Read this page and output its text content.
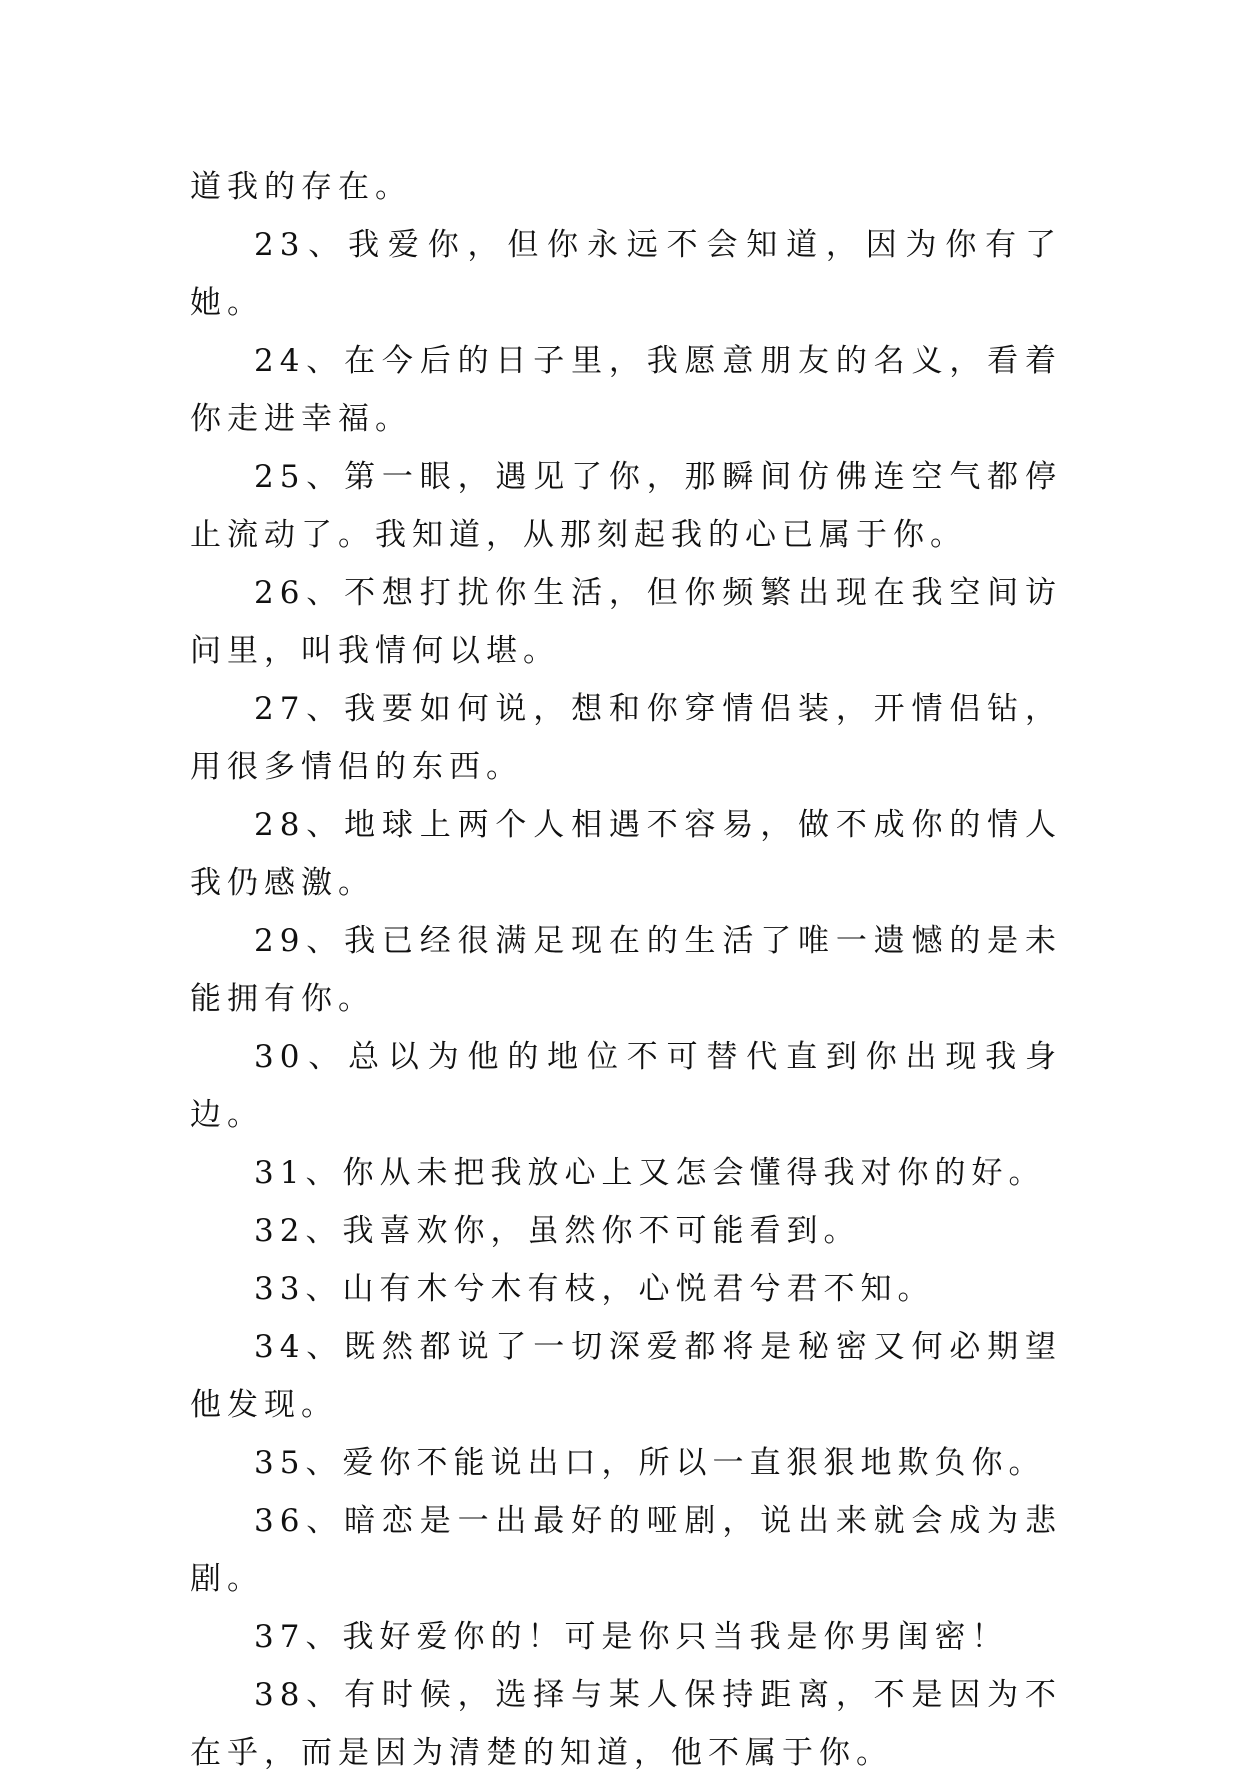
道我的存在。

23、我爱你，但你永远不会知道，因为你有了她。

24、在今后的日子里，我愿意朋友的名义，看着你走进幸福。

25、第一眼，遇见了你，那瞬间仿佛连空气都停止流动了。我知道，从那刻起我的心已属于你。

26、不想打扰你生活，但你频繁出现在我空间访问里，叫我情何以堪。

27、我要如何说，想和你穿情侣装，开情侣钻，用很多情侣的东西。

28、地球上两个人相遇不容易，做不成你的情人我仍感激。

29、我已经很满足现在的生活了唯一遗憾的是未能拥有你。

30、总以为他的地位不可替代直到你出现我身边。

31、你从未把我放心上又怎会懂得我对你的好。

32、我喜欢你，虽然你不可能看到。

33、山有木兮木有枝，心悦君兮君不知。

34、既然都说了一切深爱都将是秘密又何必期望他发现。

35、爱你不能说出口，所以一直狠狠地欺负你。

36、暗恋是一出最好的哑剧，说出来就会成为悲剧。

37、我好爱你的！可是你只当我是你男闺密！

38、有时候，选择与某人保持距离，不是因为不在乎，而是因为清楚的知道，他不属于你。
